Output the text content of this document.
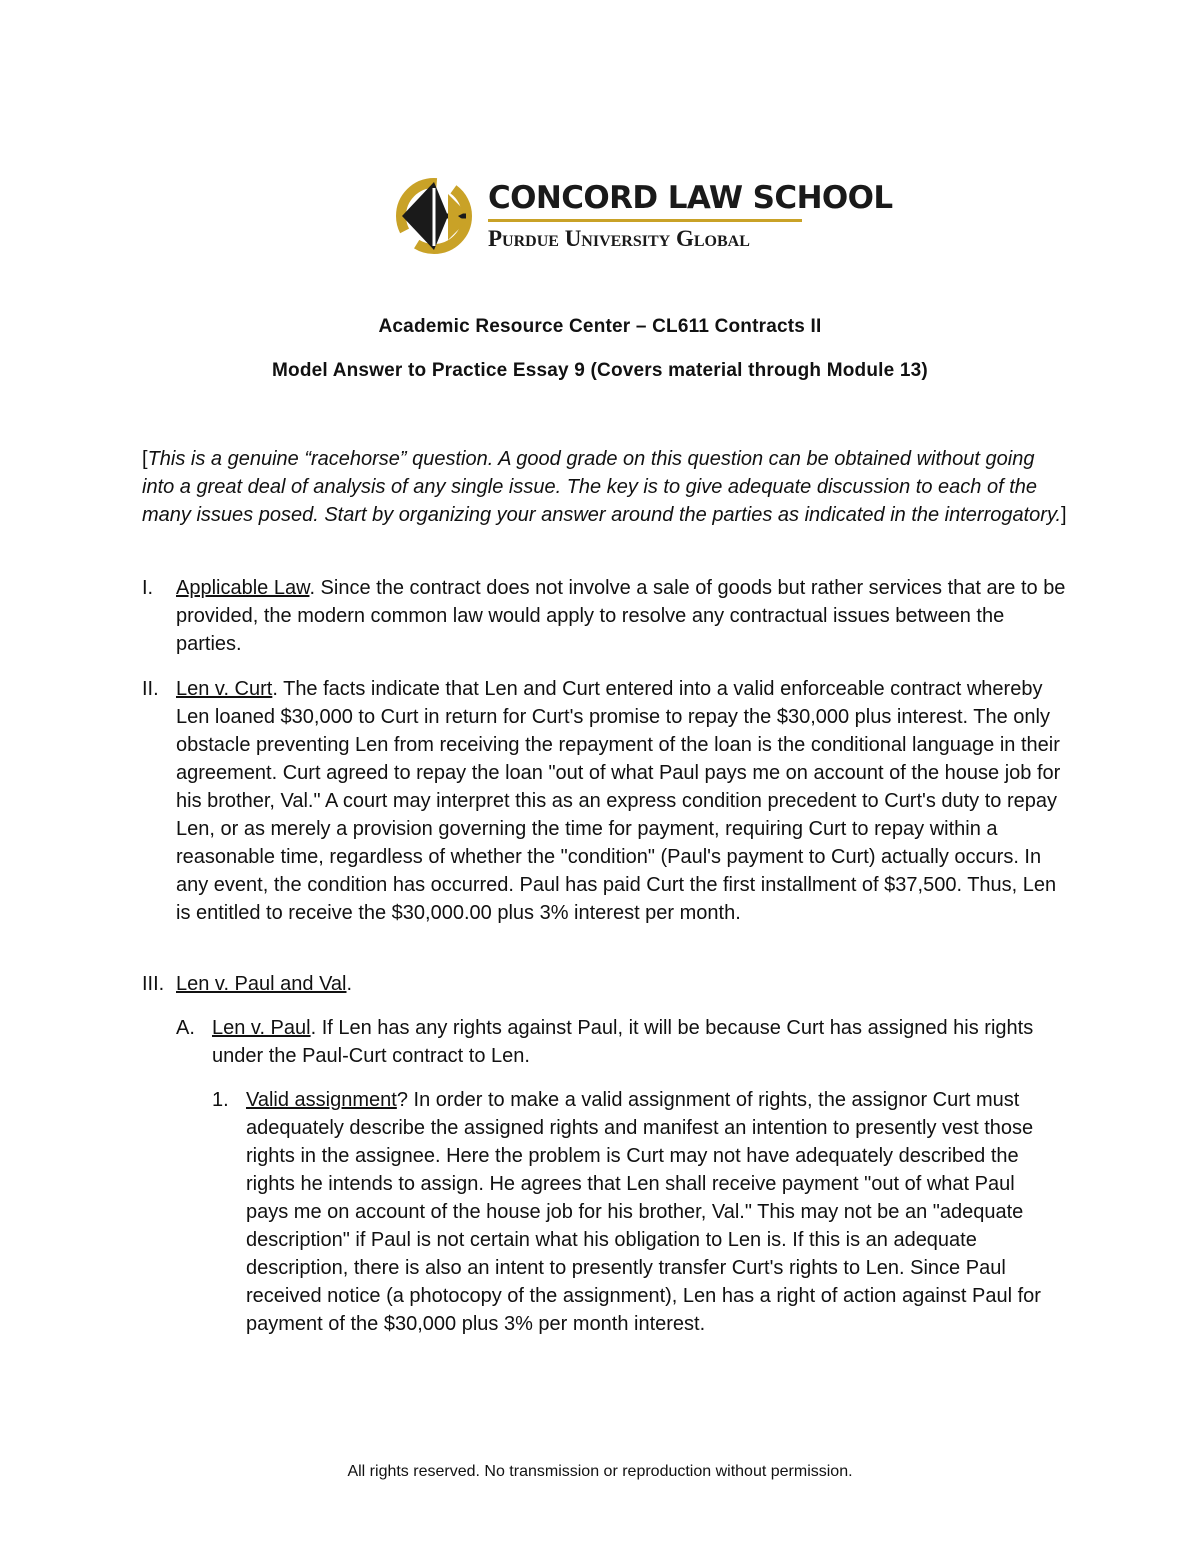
CONCORD LAW SCHOOL
Purdue University Global
Academic Resource Center – CL611 Contracts II
Model Answer to Practice Essay 9 (Covers material through Module 13)
[This is a genuine “racehorse” question. A good grade on this question can be obtained without going into a great deal of analysis of any single issue. The key is to give adequate discussion to each of the many issues posed. Start by organizing your answer around the parties as indicated in the interrogatory.]
I. Applicable Law. Since the contract does not involve a sale of goods but rather services that are to be provided, the modern common law would apply to resolve any contractual issues between the parties.
II. Len v. Curt. The facts indicate that Len and Curt entered into a valid enforceable contract whereby Len loaned $30,000 to Curt in return for Curt's promise to repay the $30,000 plus interest. The only obstacle preventing Len from receiving the repayment of the loan is the conditional language in their agreement. Curt agreed to repay the loan "out of what Paul pays me on account of the house job for his brother, Val." A court may interpret this as an express condition precedent to Curt's duty to repay Len, or as merely a provision governing the time for payment, requiring Curt to repay within a reasonable time, regardless of whether the "condition" (Paul's payment to Curt) actually occurs. In any event, the condition has occurred. Paul has paid Curt the first installment of $37,500. Thus, Len is entitled to receive the $30,000.00 plus 3% interest per month.
III. Len v. Paul and Val.
A. Len v. Paul. If Len has any rights against Paul, it will be because Curt has assigned his rights under the Paul-Curt contract to Len.
1. Valid assignment? In order to make a valid assignment of rights, the assignor Curt must adequately describe the assigned rights and manifest an intention to presently vest those rights in the assignee. Here the problem is Curt may not have adequately described the rights he intends to assign. He agrees that Len shall receive payment "out of what Paul pays me on account of the house job for his brother, Val." This may not be an "adequate description" if Paul is not certain what his obligation to Len is. If this is an adequate description, there is also an intent to presently transfer Curt's rights to Len. Since Paul received notice (a photocopy of the assignment), Len has a right of action against Paul for payment of the $30,000 plus 3% per month interest.
All rights reserved. No transmission or reproduction without permission.
